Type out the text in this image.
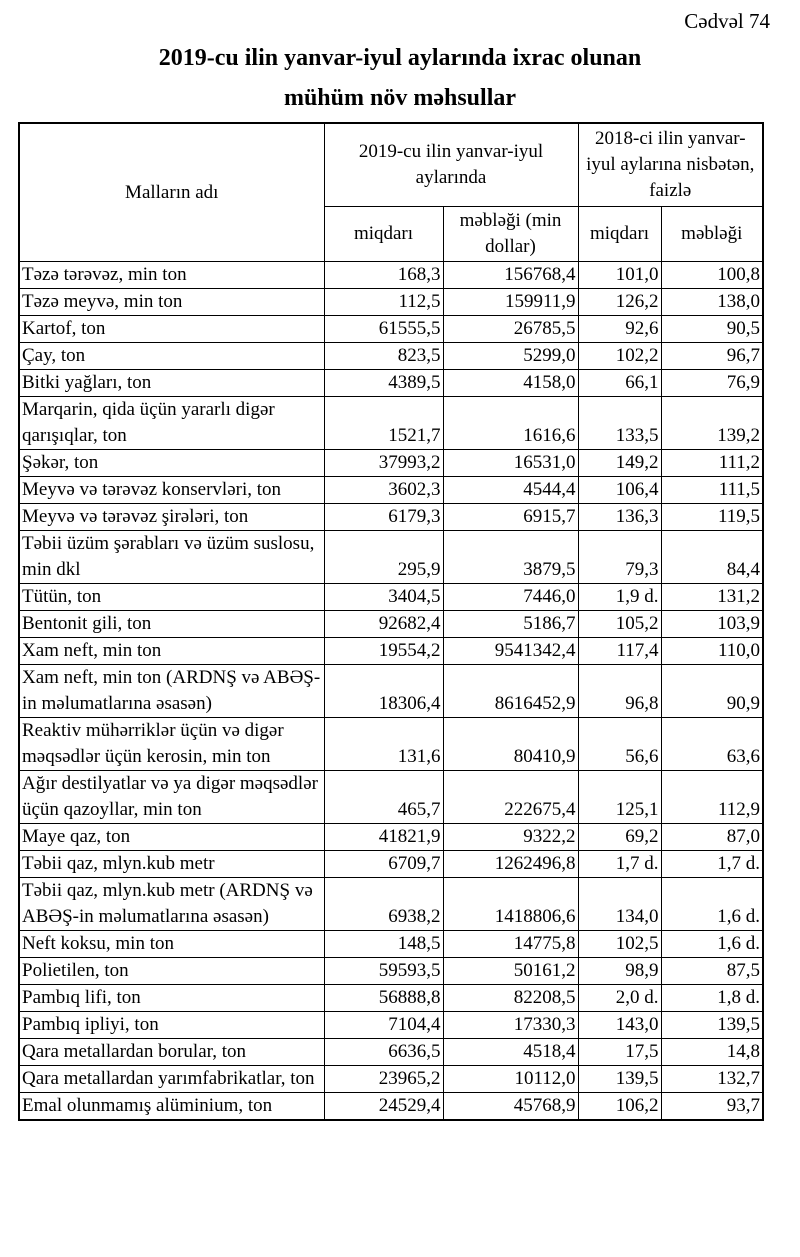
Cədvəl 74
2019-cu ilin yanvar-iyul aylarında ixrac olunan
mühüm növ məhsullar
Malların adı	2019-cu ilin yanvar-iyul aylarında		2018-ci ilin yanvar-iyul aylarına nisbətən, faizlə	
	miqdarı	məbləği (min dollar)	miqdarı	məbləği
Təzə tərəvəz, min ton	168,3	156768,4	101,0	100,8
Təzə meyvə, min ton	112,5	159911,9	126,2	138,0
Kartof, ton	61555,5	26785,5	92,6	90,5
Çay, ton	823,5	5299,0	102,2	96,7
Bitki yağları, ton	4389,5	4158,0	66,1	76,9
Marqarin, qida üçün yararlı digər qarışıqlar, ton	1521,7	1616,6	133,5	139,2
Şəkər, ton	37993,2	16531,0	149,2	111,2
Meyvə və tərəvəz konservləri, ton	3602,3	4544,4	106,4	111,5
Meyvə və tərəvəz şirələri, ton	6179,3	6915,7	136,3	119,5
Təbii üzüm şərabları və üzüm suslosu, min dkl	295,9	3879,5	79,3	84,4
Tütün, ton	3404,5	7446,0	1,9 d.	131,2
Bentonit gili, ton	92682,4	5186,7	105,2	103,9
Xam neft, min ton	19554,2	9541342,4	117,4	110,0
Xam neft, min ton (ARDNŞ və ABƏŞ-in məlumatlarına əsasən)	18306,4	8616452,9	96,8	90,9
Reaktiv mühərriklər üçün və digər məqsədlər üçün kerosin, min ton	131,6	80410,9	56,6	63,6
Ağır destilyatlar və ya digər məqsədlər üçün qazoyllar, min ton	465,7	222675,4	125,1	112,9
Maye qaz, ton	41821,9	9322,2	69,2	87,0
Təbii qaz, mlyn.kub metr	6709,7	1262496,8	1,7 d.	1,7 d.
Təbii qaz, mlyn.kub metr (ARDNŞ və ABƏŞ-in məlumatlarına əsasən)	6938,2	1418806,6	134,0	1,6 d.
Neft koksu, min ton	148,5	14775,8	102,5	1,6 d.
Polietilen, ton	59593,5	50161,2	98,9	87,5
Pambıq lifi, ton	56888,8	82208,5	2,0 d.	1,8 d.
Pambıq ipliyi, ton	7104,4	17330,3	143,0	139,5
Qara metallardan borular, ton	6636,5	4518,4	17,5	14,8
Qara metallardan yarımfabrikatlar, ton	23965,2	10112,0	139,5	132,7
Emal olunmamış alüminium, ton	24529,4	45768,9	106,2	93,7
